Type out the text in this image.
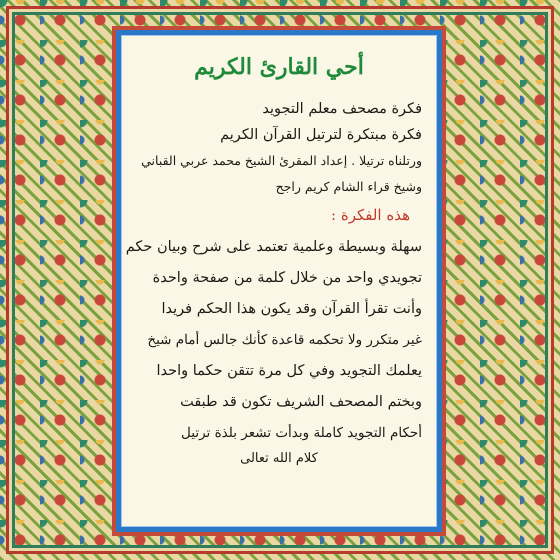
أحي القارئ الكريم
فكرة مصحف معلم التجويد
فكرة مبتكرة لترتيل القرآن الكريم
ورتلناه ترتيلا . إعداد المقرئ الشيخ محمد عربي القباني
وشيخ قراء الشام كريم راجح
هذه الفكرة :
سهلة وبسيطة وعلمية تعتمد على شرح وبيان حكم
تجويدي واحد من خلال كلمة من صفحة واحدة
وأنت تقرأ القرآن وقد يكون هذا الحكم فريدا
غير متكرر ولا تحكمه قاعدة كأنك جالس أمام شيخ
يعلمك التجويد وفي كل مرة تتقن حكما واحدا
وبختم المصحف الشريف تكون قد طبقت
أحكام التجويد كاملة وبدأت تشعر بلذة ترتيل
كلام الله تعالى
